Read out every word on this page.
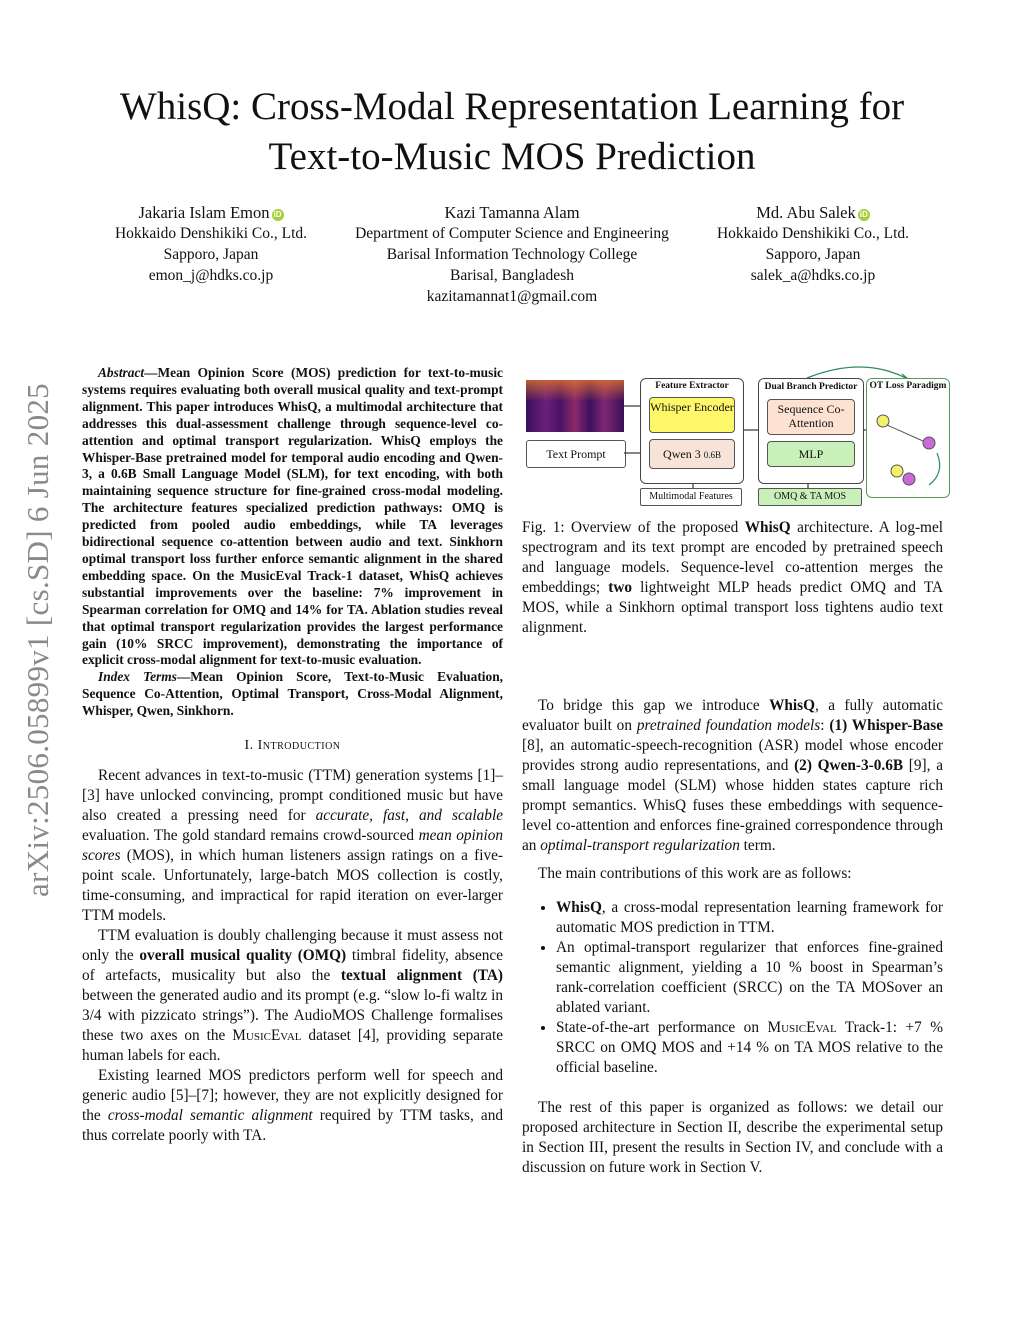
arXiv:2506.05899v1 [cs.SD] 6 Jun 2025
WhisQ: Cross-Modal Representation Learning for
Text-to-Music MOS Prediction
Jakaria Islam Emon iD
Hokkaido Denshikiki Co., Ltd.
Sapporo, Japan
emon_j@hdks.co.jp
Kazi Tamanna Alam
Department of Computer Science and Engineering
Barisal Information Technology College
Barisal, Bangladesh
kazitamannat1@gmail.com
Md. Abu Salek iD
Hokkaido Denshikiki Co., Ltd.
Sapporo, Japan
salek_a@hdks.co.jp

Abstract—Mean Opinion Score (MOS) prediction for text-to-music systems requires evaluating both overall musical quality and text-prompt alignment. This paper introduces WhisQ, a multimodal architecture that addresses this dual-assessment challenge through sequence-level co-attention and optimal transport regularization. WhisQ employs the Whisper-Base pretrained model for temporal audio encoding and Qwen-3, a 0.6B Small Language Model (SLM), for text encoding, with both maintaining sequence structure for fine-grained cross-modal modeling. The architecture features specialized prediction pathways: OMQ is predicted from pooled audio embeddings, while TA leverages bidirectional sequence co-attention between audio and text. Sinkhorn optimal transport loss further enforce semantic alignment in the shared embedding space. On the MusicEval Track-1 dataset, WhisQ achieves substantial improvements over the baseline: 7% improvement in Spearman correlation for OMQ and 14% for TA. Ablation studies reveal that optimal transport regularization provides the largest performance gain (10% SRCC improvement), demonstrating the importance of explicit cross-modal alignment for text-to-music evaluation.

Index Terms—Mean Opinion Score, Text-to-Music Evaluation, Sequence Co-Attention, Optimal Transport, Cross-Modal Alignment, Whisper, Qwen, Sinkhorn.

I. Introduction

Recent advances in text-to-music (TTM) generation systems [1]–[3] have unlocked convincing, prompt conditioned music but have also created a pressing need for accurate, fast, and scalable evaluation. The gold standard remains crowd-sourced mean opinion scores (MOS), in which human listeners assign ratings on a five-point scale. Unfortunately, large-batch MOS collection is costly, time-consuming, and impractical for rapid iteration on ever-larger TTM models.

TTM evaluation is doubly challenging because it must assess not only the overall musical quality (OMQ) timbral fidelity, absence of artefacts, musicality but also the textual alignment (TA) between the generated audio and its prompt (e.g. “slow lo-fi waltz in 3/4 with pizzicato strings”). The AudioMOS Challenge formalises these two axes on the MusicEval dataset [4], providing separate human labels for each.

Existing learned MOS predictors perform well for speech and generic audio [5]–[7]; however, they are not explicitly designed for the cross-modal semantic alignment required by TTM tasks, and thus correlate poorly with TA.

Text Prompt
Feature Extractor
Whisper Encoder
Qwen 3 0.6B
Multimodal Features
Dual Branch Predictor
Sequence Co-Attention
MLP
OMQ & TA MOS
OT Loss Paradigm

Fig. 1: Overview of the proposed WhisQ architecture. A log-mel spectrogram and its text prompt are encoded by pretrained speech and language models. Sequence-level co-attention merges the embeddings; two lightweight MLP heads predict OMQ and TA MOS, while a Sinkhorn optimal transport loss tightens audio text alignment.

To bridge this gap we introduce WhisQ, a fully automatic evaluator built on pretrained foundation models: (1) Whisper-Base [8], an automatic-speech-recognition (ASR) model whose encoder provides strong audio representations, and (2) Qwen-3-0.6B [9], a small language model (SLM) whose hidden states capture rich prompt semantics. WhisQ fuses these embeddings with sequence-level co-attention and enforces fine-grained correspondence through an optimal-transport regularization term.

The main contributions of this work are as follows:

• WhisQ, a cross-modal representation learning framework for automatic MOS prediction in TTM.
• An optimal-transport regularizer that enforces fine-grained semantic alignment, yielding a 10 % boost in Spearman’s rank-correlation coefficient (SRCC) on the TA MOSover an ablated variant.
• State-of-the-art performance on MusicEval Track-1: +7 % SRCC on OMQ MOS and +14 % on TA MOS relative to the official baseline.

The rest of this paper is organized as follows: we detail our proposed architecture in Section II, describe the experimental setup in Section III, present the results in Section IV, and conclude with a discussion on future work in Section V.
